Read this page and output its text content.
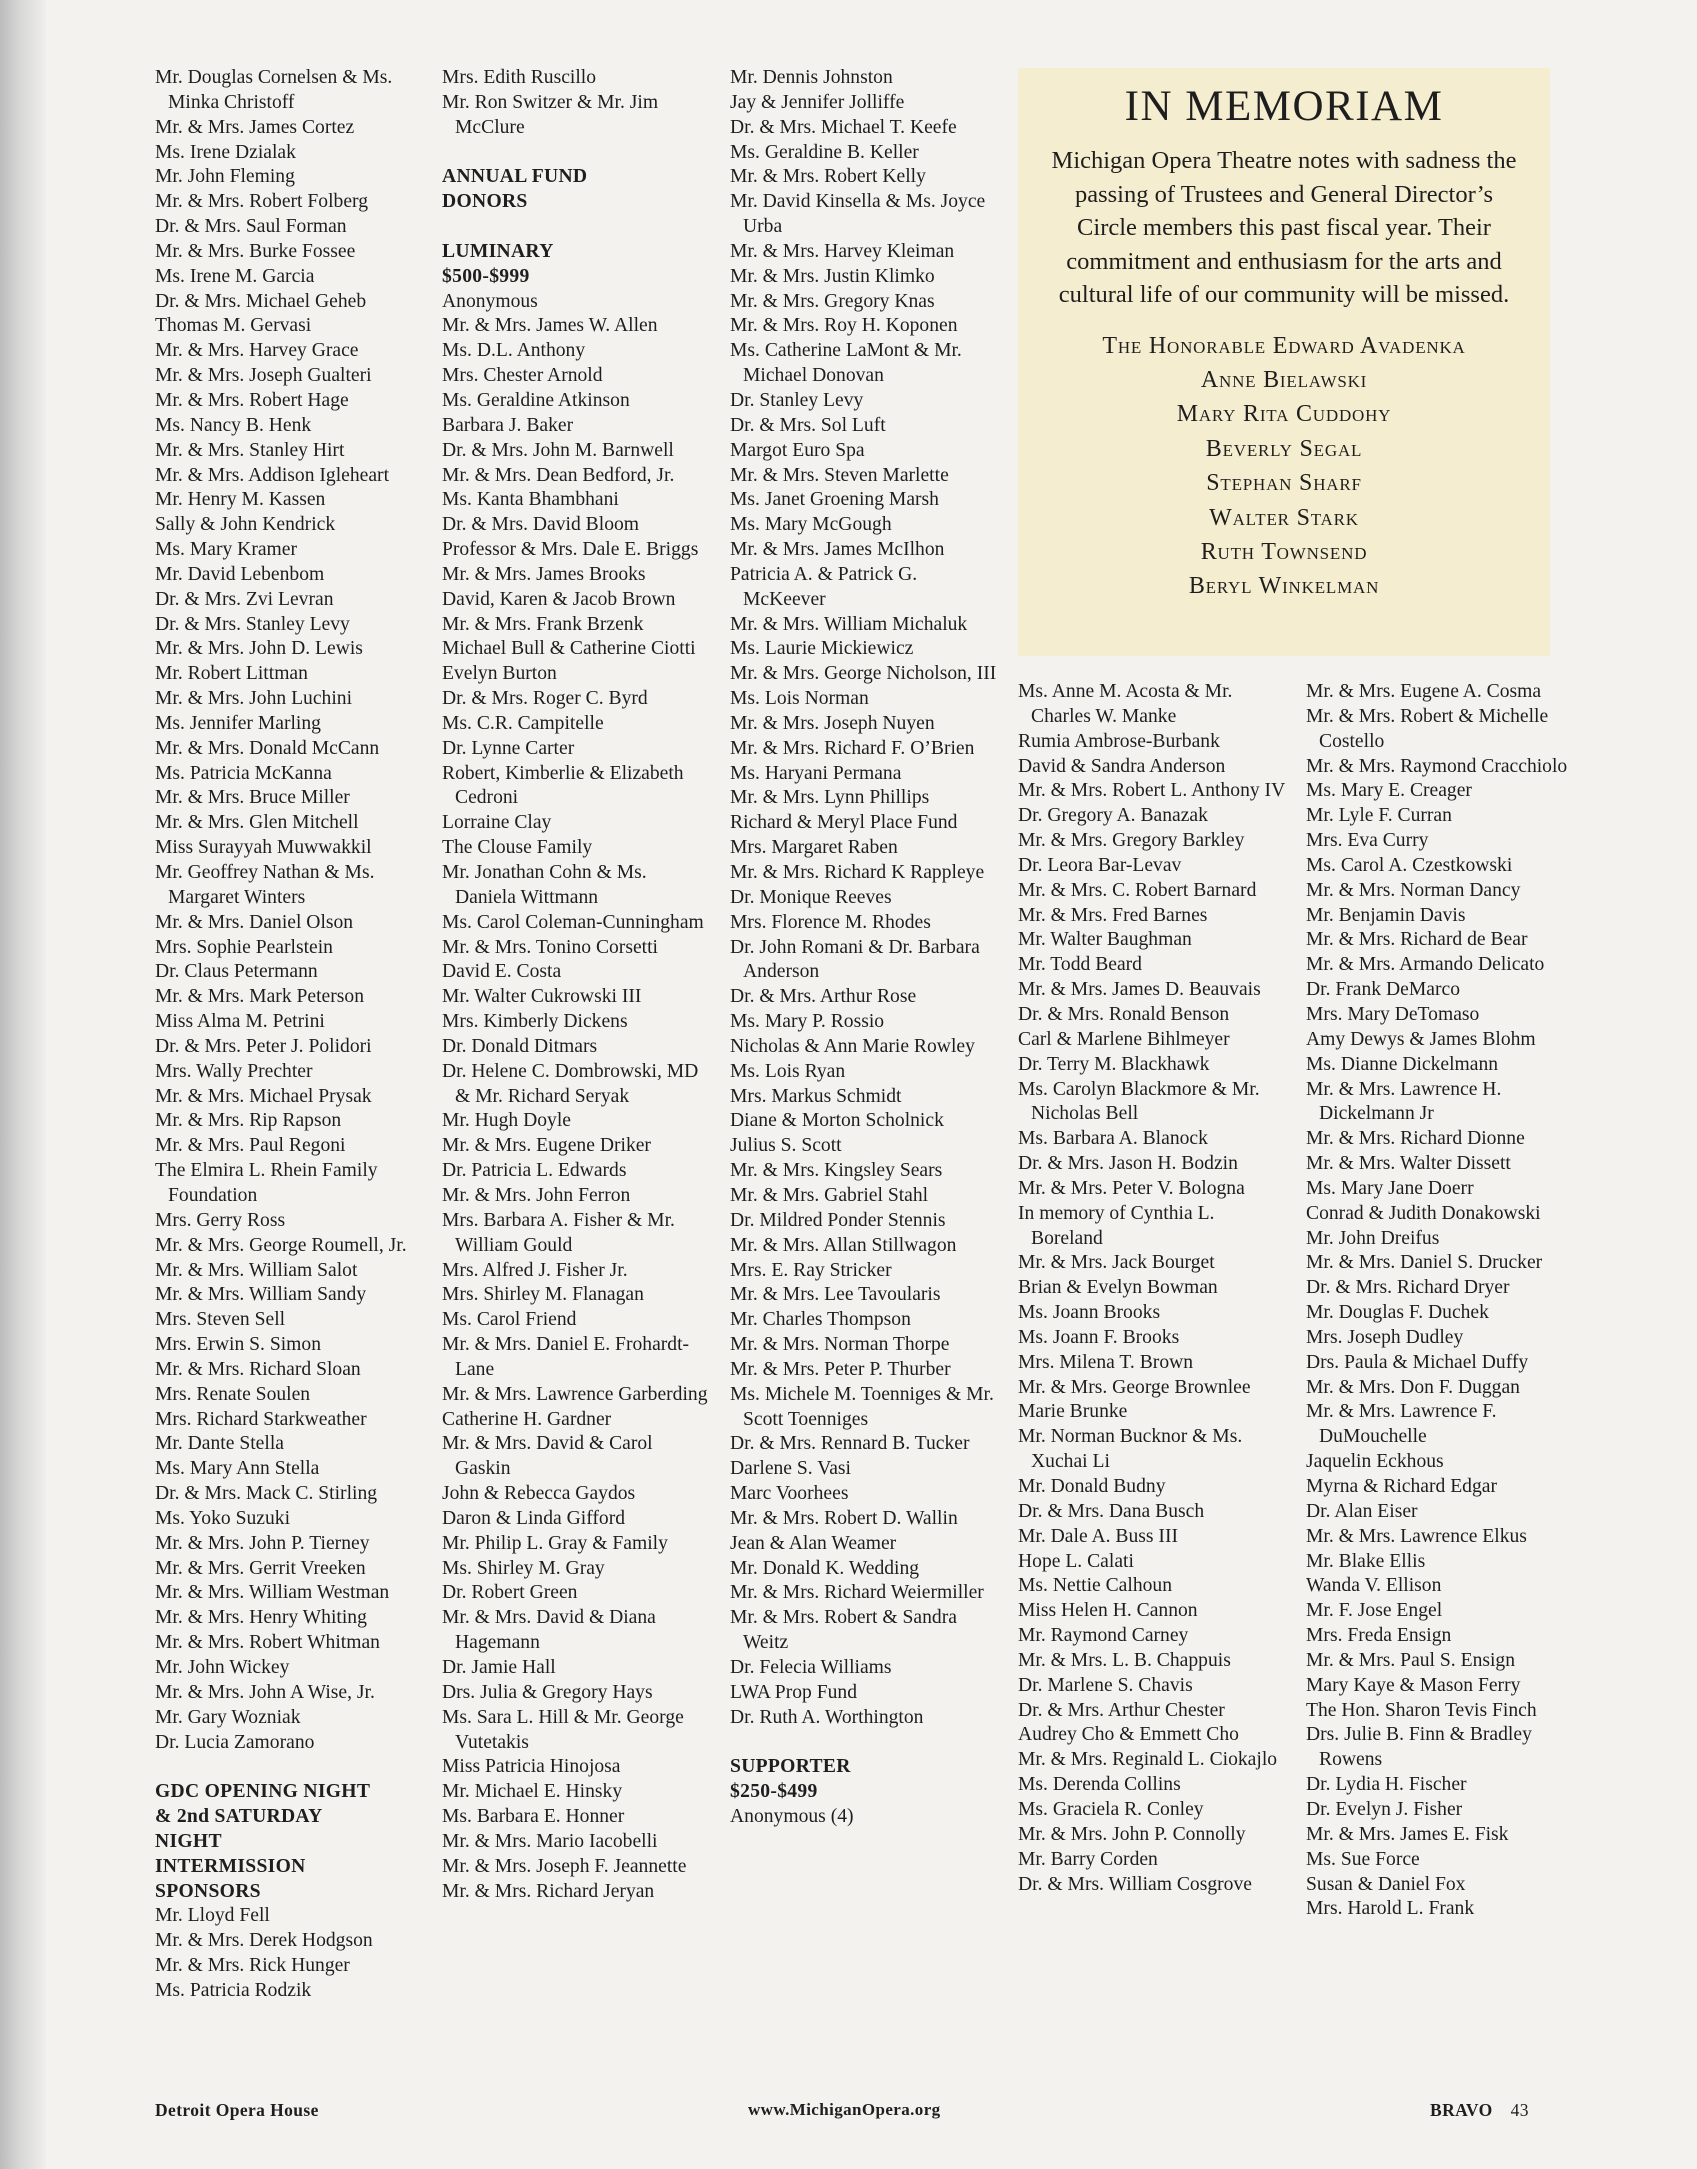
Mr. Douglas Cornelsen & Ms. Minka Christoff
Mr. & Mrs. James Cortez
Ms. Irene Dzialak
Mr. John Fleming
Mr. & Mrs. Robert Folberg
Dr. & Mrs. Saul Forman
Mr. & Mrs. Burke Fossee
Ms. Irene M. Garcia
Dr. & Mrs. Michael Geheb
Thomas M. Gervasi
Mr. & Mrs. Harvey Grace
Mr. & Mrs. Joseph Gualteri
Mr. & Mrs. Robert Hage
Ms. Nancy B. Henk
Mr. & Mrs. Stanley Hirt
Mr. & Mrs. Addison Igleheart
Mr. Henry M. Kassen
Sally & John Kendrick
Ms. Mary Kramer
Mr. David Lebenbom
Dr. & Mrs. Zvi Levran
Dr. & Mrs. Stanley Levy
Mr. & Mrs. John D. Lewis
Mr. Robert Littman
Mr. & Mrs. John Luchini
Ms. Jennifer Marling
Mr. & Mrs. Donald McCann
Ms. Patricia McKanna
Mr. & Mrs. Bruce Miller
Mr. & Mrs. Glen Mitchell
Miss Surayyah Muwwakkil
Mr. Geoffrey Nathan & Ms. Margaret Winters
Mr. & Mrs. Daniel Olson
Mrs. Sophie Pearlstein
Dr. Claus Petermann
Mr. & Mrs. Mark Peterson
Miss Alma M. Petrini
Dr. & Mrs. Peter J. Polidori
Mrs. Wally Prechter
Mr. & Mrs. Michael Prysak
Mr. & Mrs. Rip Rapson
Mr. & Mrs. Paul Regoni
The Elmira L. Rhein Family Foundation
Mrs. Gerry Ross
Mr. & Mrs. George Roumell, Jr.
Mr. & Mrs. William Salot
Mr. & Mrs. William Sandy
Mrs. Steven Sell
Mrs. Erwin S. Simon
Mr. & Mrs. Richard Sloan
Mrs. Renate Soulen
Mrs. Richard Starkweather
Mr. Dante Stella
Ms. Mary Ann Stella
Dr. & Mrs. Mack C. Stirling
Ms. Yoko Suzuki
Mr. & Mrs. John P. Tierney
Mr. & Mrs. Gerrit Vreeken
Mr. & Mrs. William Westman
Mr. & Mrs. Henry Whiting
Mr. & Mrs. Robert Whitman
Mr. John Wickey
Mr. & Mrs. John A Wise, Jr.
Mr. Gary Wozniak
Dr. Lucia Zamorano
GDC OPENING NIGHT
& 2nd SATURDAY
NIGHT
INTERMISSION
SPONSORS
Mr. Lloyd Fell
Mr. & Mrs. Derek Hodgson
Mr. & Mrs. Rick Hunger
Ms. Patricia Rodzik
Mrs. Edith Ruscillo
Mr. Ron Switzer & Mr. Jim McClure
ANNUAL FUND
DONORS
LUMINARY
$500-$999
Anonymous
Mr. & Mrs. James W. Allen
Ms. D.L. Anthony
Mrs. Chester Arnold
Ms. Geraldine Atkinson
Barbara J. Baker
Dr. & Mrs. John M. Barnwell
Mr. & Mrs. Dean Bedford, Jr.
Ms. Kanta Bhambhani
Dr. & Mrs. David Bloom
Professor & Mrs. Dale E. Briggs
Mr. & Mrs. James Brooks
David, Karen & Jacob Brown
Mr. & Mrs. Frank Brzenk
Michael Bull & Catherine Ciotti
Evelyn Burton
Dr. & Mrs. Roger C. Byrd
Ms. C.R. Campitelle
Dr. Lynne Carter
Robert, Kimberlie & Elizabeth Cedroni
Lorraine Clay
The Clouse Family
Mr. Jonathan Cohn & Ms. Daniela Wittmann
Ms. Carol Coleman-Cunningham
Mr. & Mrs. Tonino Corsetti
David E. Costa
Mr. Walter Cukrowski III
Mrs. Kimberly Dickens
Dr. Donald Ditmars
Dr. Helene C. Dombrowski, MD & Mr. Richard Seryak
Mr. Hugh Doyle
Mr. & Mrs. Eugene Driker
Dr. Patricia L. Edwards
Mr. & Mrs. John Ferron
Mrs. Barbara A. Fisher & Mr. William Gould
Mrs. Alfred J. Fisher Jr.
Mrs. Shirley M. Flanagan
Ms. Carol Friend
Mr. & Mrs. Daniel E. Frohardt-Lane
Mr. & Mrs. Lawrence Garberding
Catherine H. Gardner
Mr. & Mrs. David & Carol Gaskin
John & Rebecca Gaydos
Daron & Linda Gifford
Mr. Philip L. Gray & Family
Ms. Shirley M. Gray
Dr. Robert Green
Mr. & Mrs. David & Diana Hagemann
Dr. Jamie Hall
Drs. Julia & Gregory Hays
Ms. Sara L. Hill & Mr. George Vutetakis
Miss Patricia Hinojosa
Mr. Michael E. Hinsky
Ms. Barbara E. Honner
Mr. & Mrs. Mario Iacobelli
Mr. & Mrs. Joseph F. Jeannette
Mr. & Mrs. Richard Jeryan
Mr. Dennis Johnston
Jay & Jennifer Jolliffe
Dr. & Mrs. Michael T. Keefe
Ms. Geraldine B. Keller
Mr. & Mrs. Robert Kelly
Mr. David Kinsella & Ms. Joyce Urba
Mr. & Mrs. Harvey Kleiman
Mr. & Mrs. Justin Klimko
Mr. & Mrs. Gregory Knas
Mr. & Mrs. Roy H. Koponen
Ms. Catherine LaMont & Mr. Michael Donovan
Dr. Stanley Levy
Dr. & Mrs. Sol Luft
Margot Euro Spa
Mr. & Mrs. Steven Marlette
Ms. Janet Groening Marsh
Ms. Mary McGough
Mr. & Mrs. James McIlhon
Patricia A. & Patrick G. McKeever
Mr. & Mrs. William Michaluk
Ms. Laurie Mickiewicz
Mr. & Mrs. George Nicholson, III
Ms. Lois Norman
Mr. & Mrs. Joseph Nuyen
Mr. & Mrs. Richard F. O’Brien
Ms. Haryani Permana
Mr. & Mrs. Lynn Phillips
Richard & Meryl Place Fund
Mrs. Margaret Raben
Mr. & Mrs. Richard K Rappleye
Dr. Monique Reeves
Mrs. Florence M. Rhodes
Dr. John Romani & Dr. Barbara Anderson
Dr. & Mrs. Arthur Rose
Ms. Mary P. Rossio
Nicholas & Ann Marie Rowley
Ms. Lois Ryan
Mrs. Markus Schmidt
Diane & Morton Scholnick
Julius S. Scott
Mr. & Mrs. Kingsley Sears
Mr. & Mrs. Gabriel Stahl
Dr. Mildred Ponder Stennis
Mr. & Mrs. Allan Stillwagon
Mrs. E. Ray Stricker
Mr. & Mrs. Lee Tavoularis
Mr. Charles Thompson
Mr. & Mrs. Norman Thorpe
Mr. & Mrs. Peter P. Thurber
Ms. Michele M. Toenniges & Mr. Scott Toenniges
Dr. & Mrs. Rennard B. Tucker
Darlene S. Vasi
Marc Voorhees
Mr. & Mrs. Robert D. Wallin
Jean & Alan Weamer
Mr. Donald K. Wedding
Mr. & Mrs. Richard Weiermiller
Mr. & Mrs. Robert & Sandra Weitz
Dr. Felecia Williams
LWA Prop Fund
Dr. Ruth A. Worthington
SUPPORTER
$250-$499
Anonymous (4)
Ms. Anne M. Acosta & Mr. Charles W. Manke
Rumia Ambrose-Burbank
David & Sandra Anderson
Mr. & Mrs. Robert L. Anthony IV
Dr. Gregory A. Banazak
Mr. & Mrs. Gregory Barkley
Dr. Leora Bar-Levav
Mr. & Mrs. C. Robert Barnard
Mr. & Mrs. Fred Barnes
Mr. Walter Baughman
Mr. Todd Beard
Mr. & Mrs. James D. Beauvais
Dr. & Mrs. Ronald Benson
Carl & Marlene Bihlmeyer
Dr. Terry M. Blackhawk
Ms. Carolyn Blackmore & Mr. Nicholas Bell
Ms. Barbara A. Blanock
Dr. & Mrs. Jason H. Bodzin
Mr. & Mrs. Peter V. Bologna
In memory of Cynthia L. Boreland
Mr. & Mrs. Jack Bourget
Brian & Evelyn Bowman
Ms. Joann Brooks
Ms. Joann F. Brooks
Mrs. Milena T. Brown
Mr. & Mrs. George Brownlee
Marie Brunke
Mr. Norman Bucknor & Ms. Xuchai Li
Mr. Donald Budny
Dr. & Mrs. Dana Busch
Mr. Dale A. Buss III
Hope L. Calati
Ms. Nettie Calhoun
Miss Helen H. Cannon
Mr. Raymond Carney
Mr. & Mrs. L. B. Chappuis
Dr. Marlene S. Chavis
Dr. & Mrs. Arthur Chester
Audrey Cho & Emmett Cho
Mr. & Mrs. Reginald L. Ciokajlo
Ms. Derenda Collins
Ms. Graciela R. Conley
Mr. & Mrs. John P. Connolly
Mr. Barry Corden
Dr. & Mrs. William Cosgrove
Mr. & Mrs. Eugene A. Cosma
Mr. & Mrs. Robert & Michelle Costello
Mr. & Mrs. Raymond Cracchiolo
Ms. Mary E. Creager
Mr. Lyle F. Curran
Mrs. Eva Curry
Ms. Carol A. Czestkowski
Mr. & Mrs. Norman Dancy
Mr. Benjamin Davis
Mr. & Mrs. Richard de Bear
Mr. & Mrs. Armando Delicato
Dr. Frank DeMarco
Mrs. Mary DeTomaso
Amy Dewys & James Blohm
Ms. Dianne Dickelmann
Mr. & Mrs. Lawrence H. Dickelmann Jr
Mr. & Mrs. Richard Dionne
Mr. & Mrs. Walter Dissett
Ms. Mary Jane Doerr
Conrad & Judith Donakowski
Mr. John Dreifus
Mr. & Mrs. Daniel S. Drucker
Dr. & Mrs. Richard Dryer
Mr. Douglas F. Duchek
Mrs. Joseph Dudley
Drs. Paula & Michael Duffy
Mr. & Mrs. Don F. Duggan
Mr. & Mrs. Lawrence F. DuMouchelle
Jaquelin Eckhous
Myrna & Richard Edgar
Dr. Alan Eiser
Mr. & Mrs. Lawrence Elkus
Mr. Blake Ellis
Wanda V. Ellison
Mr. F. Jose Engel
Mrs. Freda Ensign
Mr. & Mrs. Paul S. Ensign
Mary Kaye & Mason Ferry
The Hon. Sharon Tevis Finch
Drs. Julie B. Finn & Bradley Rowens
Dr. Lydia H. Fischer
Dr. Evelyn J. Fisher
Mr. & Mrs. James E. Fisk
Ms. Sue Force
Susan & Daniel Fox
Mrs. Harold L. Frank
IN MEMORIAM

Michigan Opera Theatre notes with sadness the passing of Trustees and General Director’s Circle members this past fiscal year. Their commitment and enthusiasm for the arts and cultural life of our community will be missed.

The Honorable Edward Avadenka

Anne Bielawski

Mary Rita Cuddohy

Beverly Segal

Stephan Sharf

Walter Stark

Ruth Townsend

Beryl Winkelman

Detroit Opera House	www.MichiganOpera.org	BRAVO 43
